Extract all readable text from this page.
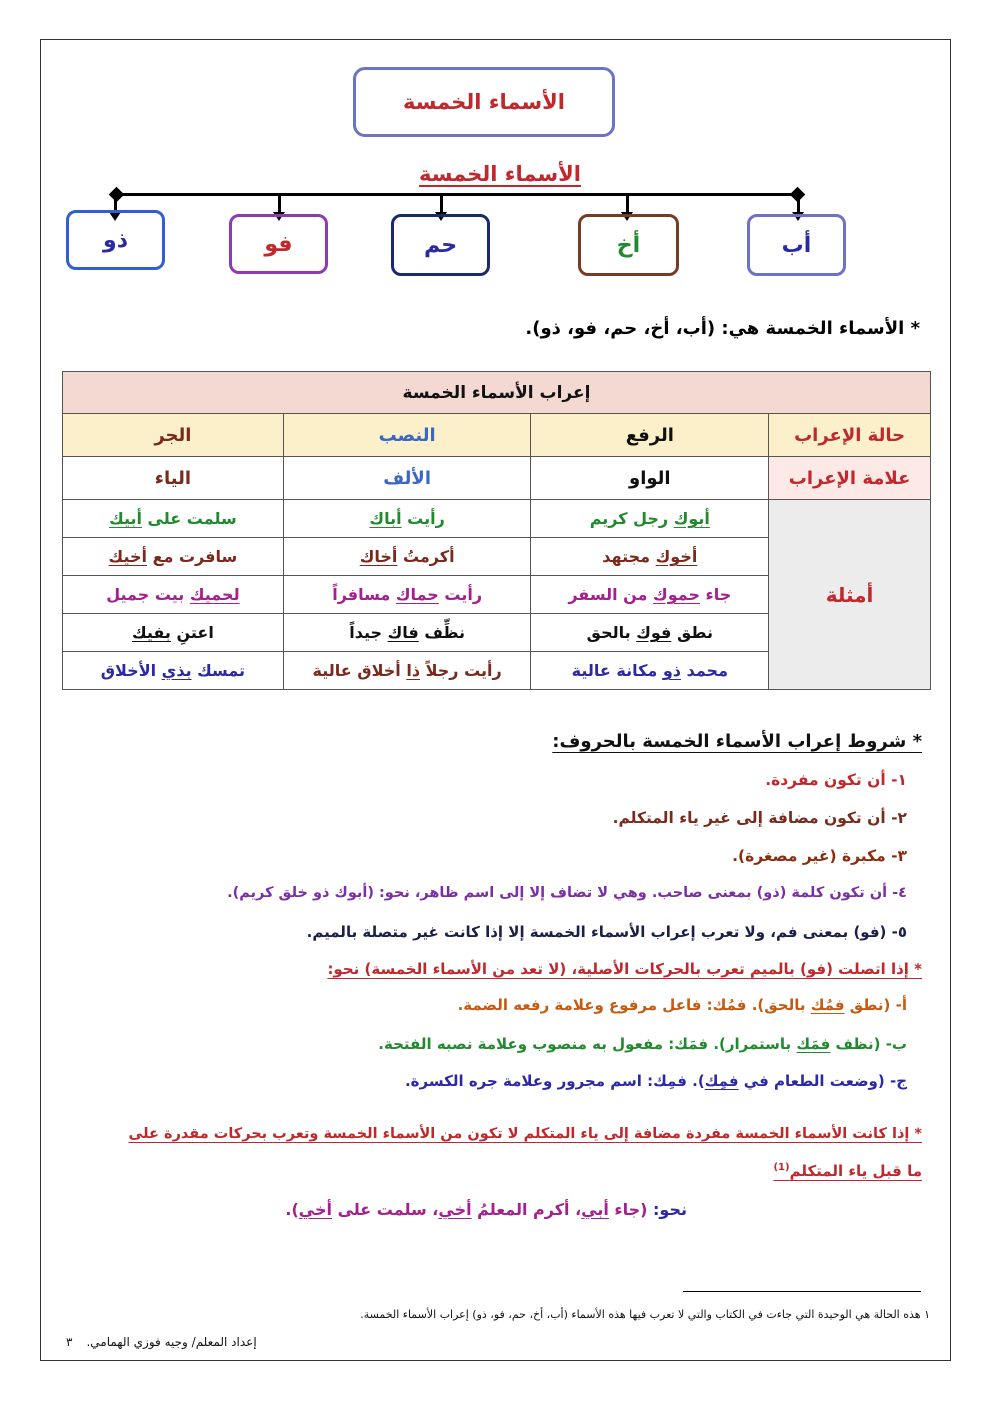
الأسماء الخمسة
الأسماء الخمسة
أب
أخ
حم
فو
ذو
* الأسماء الخمسة هي: (أب، أخ، حم، فو، ذو).
إعراب الأسماء الخمسة			
حالة الإعراب	الرفع	النصب	الجر
علامة الإعراب	الواو	الألف	الياء
أمثلة	أبوك رجل كريم	رأيت أباك	سلمت على أبيك
	أخوك مجتهد	أكرمتُ أخاك	سافرت مع أخيك
	جاء حموك من السفر	رأيت حماك مسافراً	لحميك بيت جميل
	نطق فوك بالحق	نظِّف فاك جيداً	اعتنِ بفيك
	محمد ذو مكانة عالية	رأيت رجلاً ذا أخلاق عالية	تمسك بذي الأخلاق
* شروط إعراب الأسماء الخمسة بالحروف:
١- أن تكون مفردة.
٢- أن تكون مضافة إلى غير ياء المتكلم.
٣- مكبرة (غير مصغرة).
٤- أن تكون كلمة (ذو) بمعنى صاحب. وهي لا تضاف إلا إلى اسم ظاهر، نحو: (أبوك ذو خلق كريم).
٥- (فو) بمعنى فم، ولا تعرب إعراب الأسماء الخمسة إلا إذا كانت غير متصلة بالميم.
* إذا اتصلت (فو) بالميم تعرب بالحركات الأصلية، (لا تعد من الأسماء الخمسة) نحو:
أ- (نطق فمُك بالحق). فمُك: فاعل مرفوع وعلامة رفعه الضمة.
ب- (نظف فمَك باستمرار). فمَك: مفعول به منصوب وعلامة نصبه الفتحة.
ج- (وضعت الطعام في فمِك). فمِك: اسم مجرور وعلامة جره الكسرة.
* إذا كانت الأسماء الخمسة مفردة مضافة إلى ياء المتكلم لا تكون من الأسماء الخمسة وتعرب بحركات مقدرة على
ما قبل ياء المتكلم$^{(1)}$
نحو: (جاء أبي، أكرم المعلمُ أخي، سلمت على أخي).
١ هذه الحالة هي الوحيدة التي جاءت في الكتاب والتي لا تعرب فيها هذه الأسماء (أب، أخ، حم، فو، ذو) إعراب الأسماء الخمسة.
إعداد المعلم/ وجيه فوزي الهمامي.
٣
